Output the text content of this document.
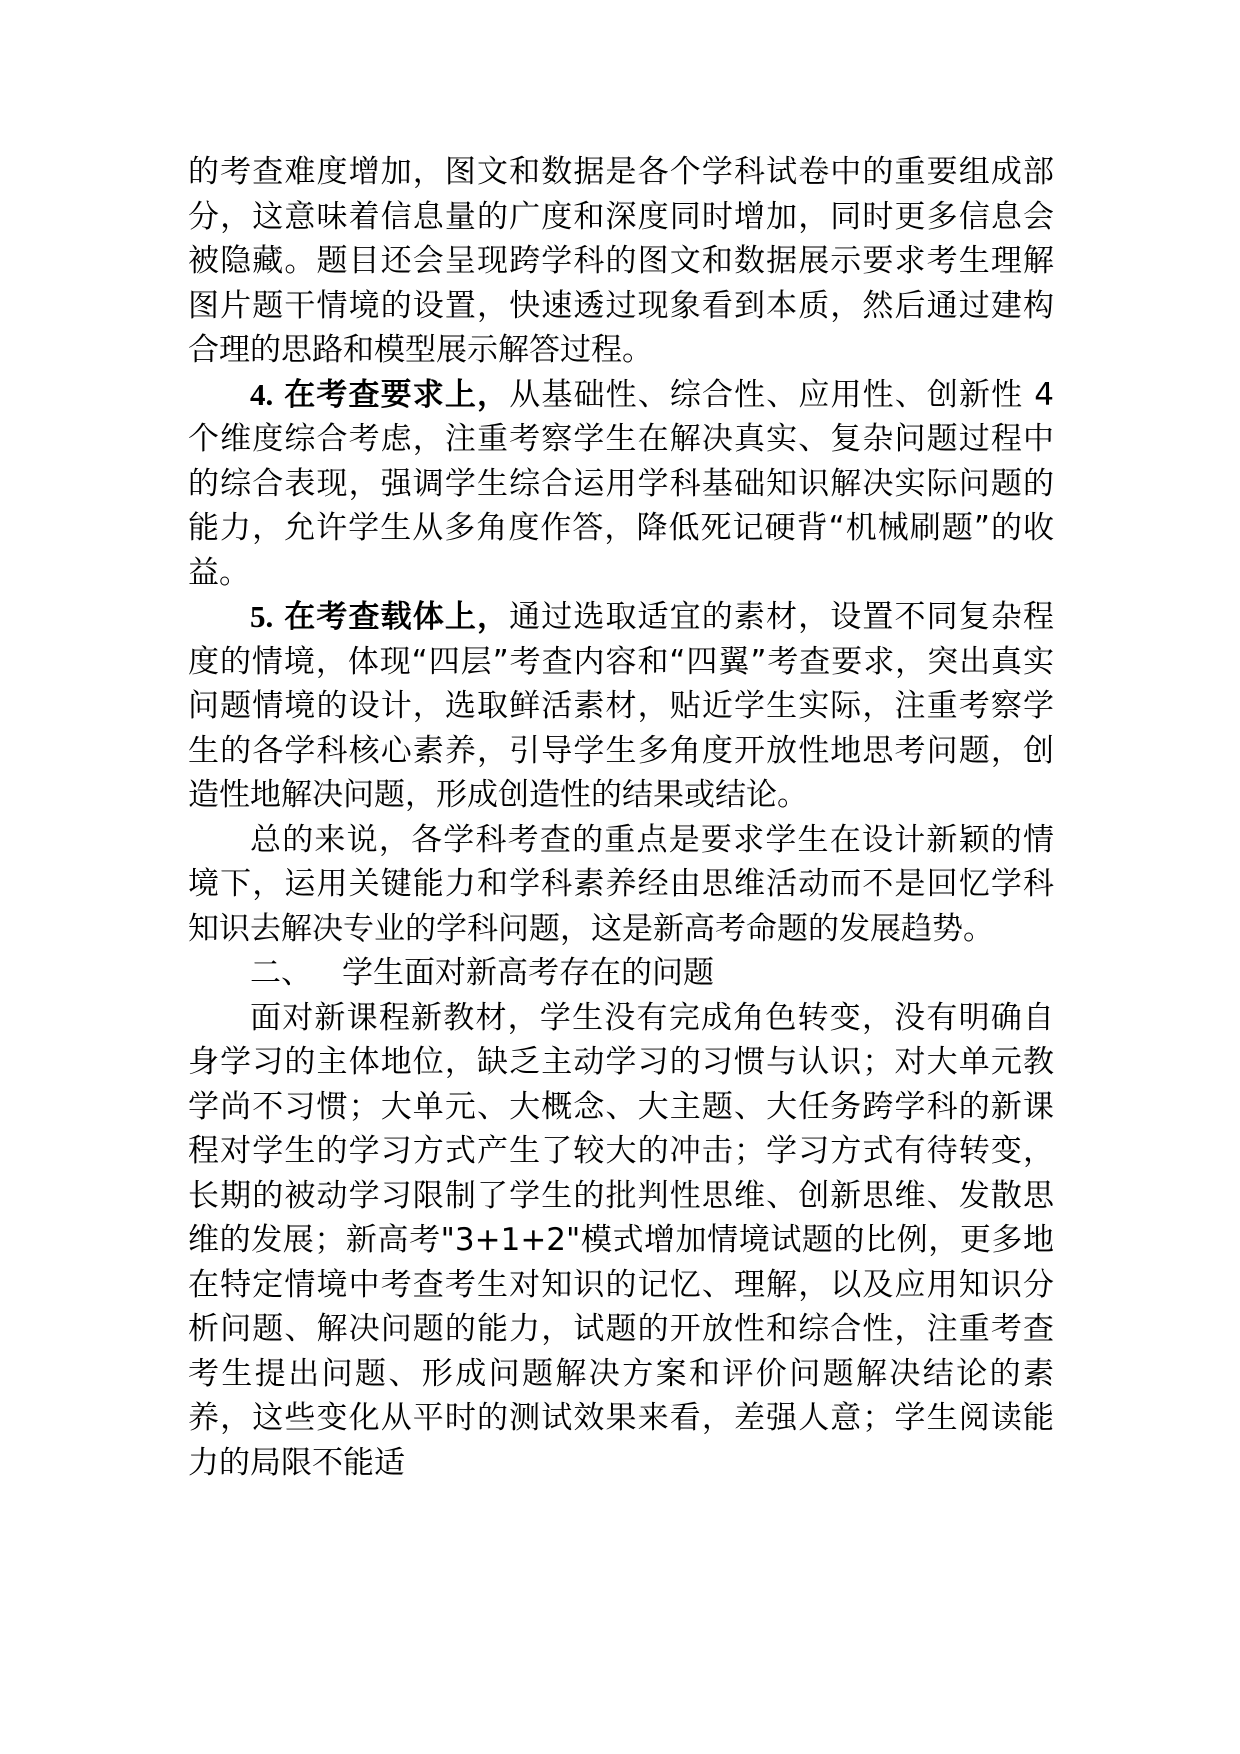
的考查难度增加，图文和数据是各个学科试卷中的重要组成部分，这意味着信息量的广度和深度同时增加，同时更多信息会被隐藏。题目还会呈现跨学科的图文和数据展示要求考生理解图片题干情境的设置，快速透过现象看到本质，然后通过建构合理的思路和模型展示解答过程。

4. 在考查要求上，从基础性、综合性、应用性、创新性 4 个维度综合考虑，注重考察学生在解决真实、复杂问题过程中的综合表现，强调学生综合运用学科基础知识解决实际问题的能力，允许学生从多角度作答，降低死记硬背“机械刷题”的收益。

5. 在考查载体上，通过选取适宜的素材，设置不同复杂程度的情境，体现“四层”考查内容和“四翼”考查要求，突出真实问题情境的设计，选取鲜活素材，贴近学生实际，注重考察学生的各学科核心素养，引导学生多角度开放性地思考问题，创造性地解决问题，形成创造性的结果或结论。

总的来说，各学科考查的重点是要求学生在设计新颖的情境下，运用关键能力和学科素养经由思维活动而不是回忆学科知识去解决专业的学科问题，这是新高考命题的发展趋势。

二、 学生面对新高考存在的问题

面对新课程新教材，学生没有完成角色转变，没有明确自身学习的主体地位，缺乏主动学习的习惯与认识；对大单元教学尚不习惯；大单元、大概念、大主题、大任务跨学科的新课程对学生的学习方式产生了较大的冲击；学习方式有待转变，长期的被动学习限制了学生的批判性思维、创新思维、发散思维的发展；新高考"3+1+2"模式增加情境试题的比例，更多地在特定情境中考查考生对知识的记忆、理解，以及应用知识分析问题、解决问题的能力，试题的开放性和综合性，注重考查考生提出问题、形成问题解决方案和评价问题解决结论的素养，这些变化从平时的测试效果来看，差强人意；学生阅读能力的局限不能适
